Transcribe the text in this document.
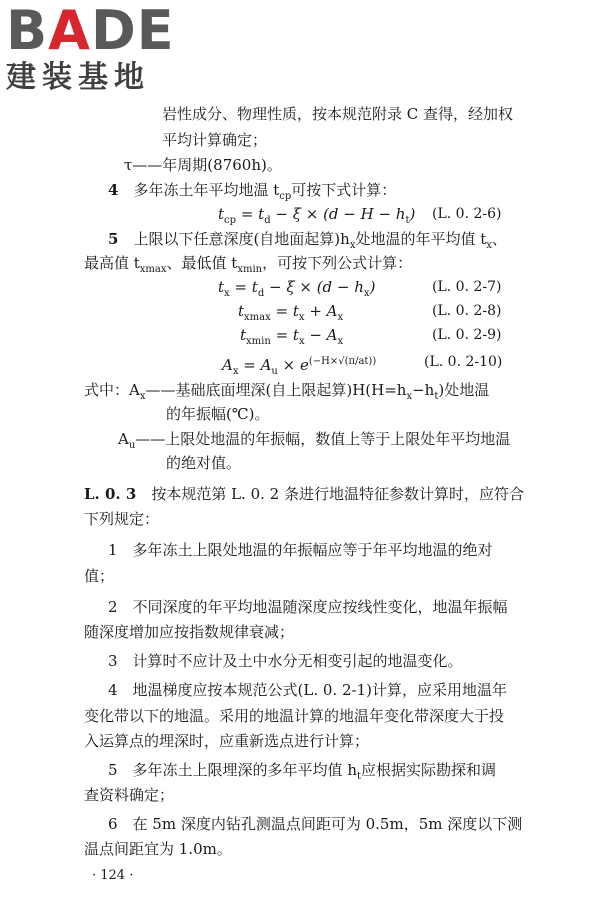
BADE
建装基地
岩性成分、物理性质，按本规范附录 C 查得，经加权
平均计算确定；
τ——年周期(8760h)。
4　 多年冻土年平均地温 $t_{cp}$可按下式计算：
$t_{cp} = t_d - \xi \times (d - H - h_t)$ (L. 0. 2-6)
5　 上限以下任意深度(自地面起算)$h_x$处地温的年平均值 $t_x$、
最高值 $t_{xmax}$、最低值 $t_{xmin}$，可按下列公式计算：
$t_x = t_d - \xi \times (d - h_x)$	(L. 0. 2-7)
$t_{xmax} = t_x + A_x$	(L. 0. 2-8)
$t_{xmin} = t_x - A_x$	(L. 0. 2-9)
$A_x = A_u \times e^{(-H\times√(\pi/at))}$	(L. 0. 2-10)
式中：$A_x——$基础底面埋深(自上限起算)$H(H=h_x-h_t)$处地温
的年振幅(℃)。
$A_u——$上限处地温的年振幅，数值上等于上限处年平均地温
的绝对值。
L. 0. 3　 按本规范第 L. 0. 2 条进行地温特征参数计算时，应符合
下列规定：
1　多年冻土上限处地温的年振幅应等于年平均地温的绝对
值；
2　不同深度的年平均地温随深度应按线性变化，地温年振幅
随深度增加应按指数规律衰减；
3　计算时不应计及土中水分无相变引起的地温变化。
4　地温梯度应按本规范公式(L. 0. 2-1)计算，应采用地温年
变化带以下的地温。采用的地温计算的地温年变化带深度大于投
入运算点的埋深时，应重新选点进行计算；
5　多年冻土上限埋深的多年平均值 $h_t$应根据实际勘探和调
查资料确定；
6　在 5m 深度内钻孔测温点间距可为 0.5m，5m 深度以下测
温点间距宜为 1.0m。
· 124 ·
